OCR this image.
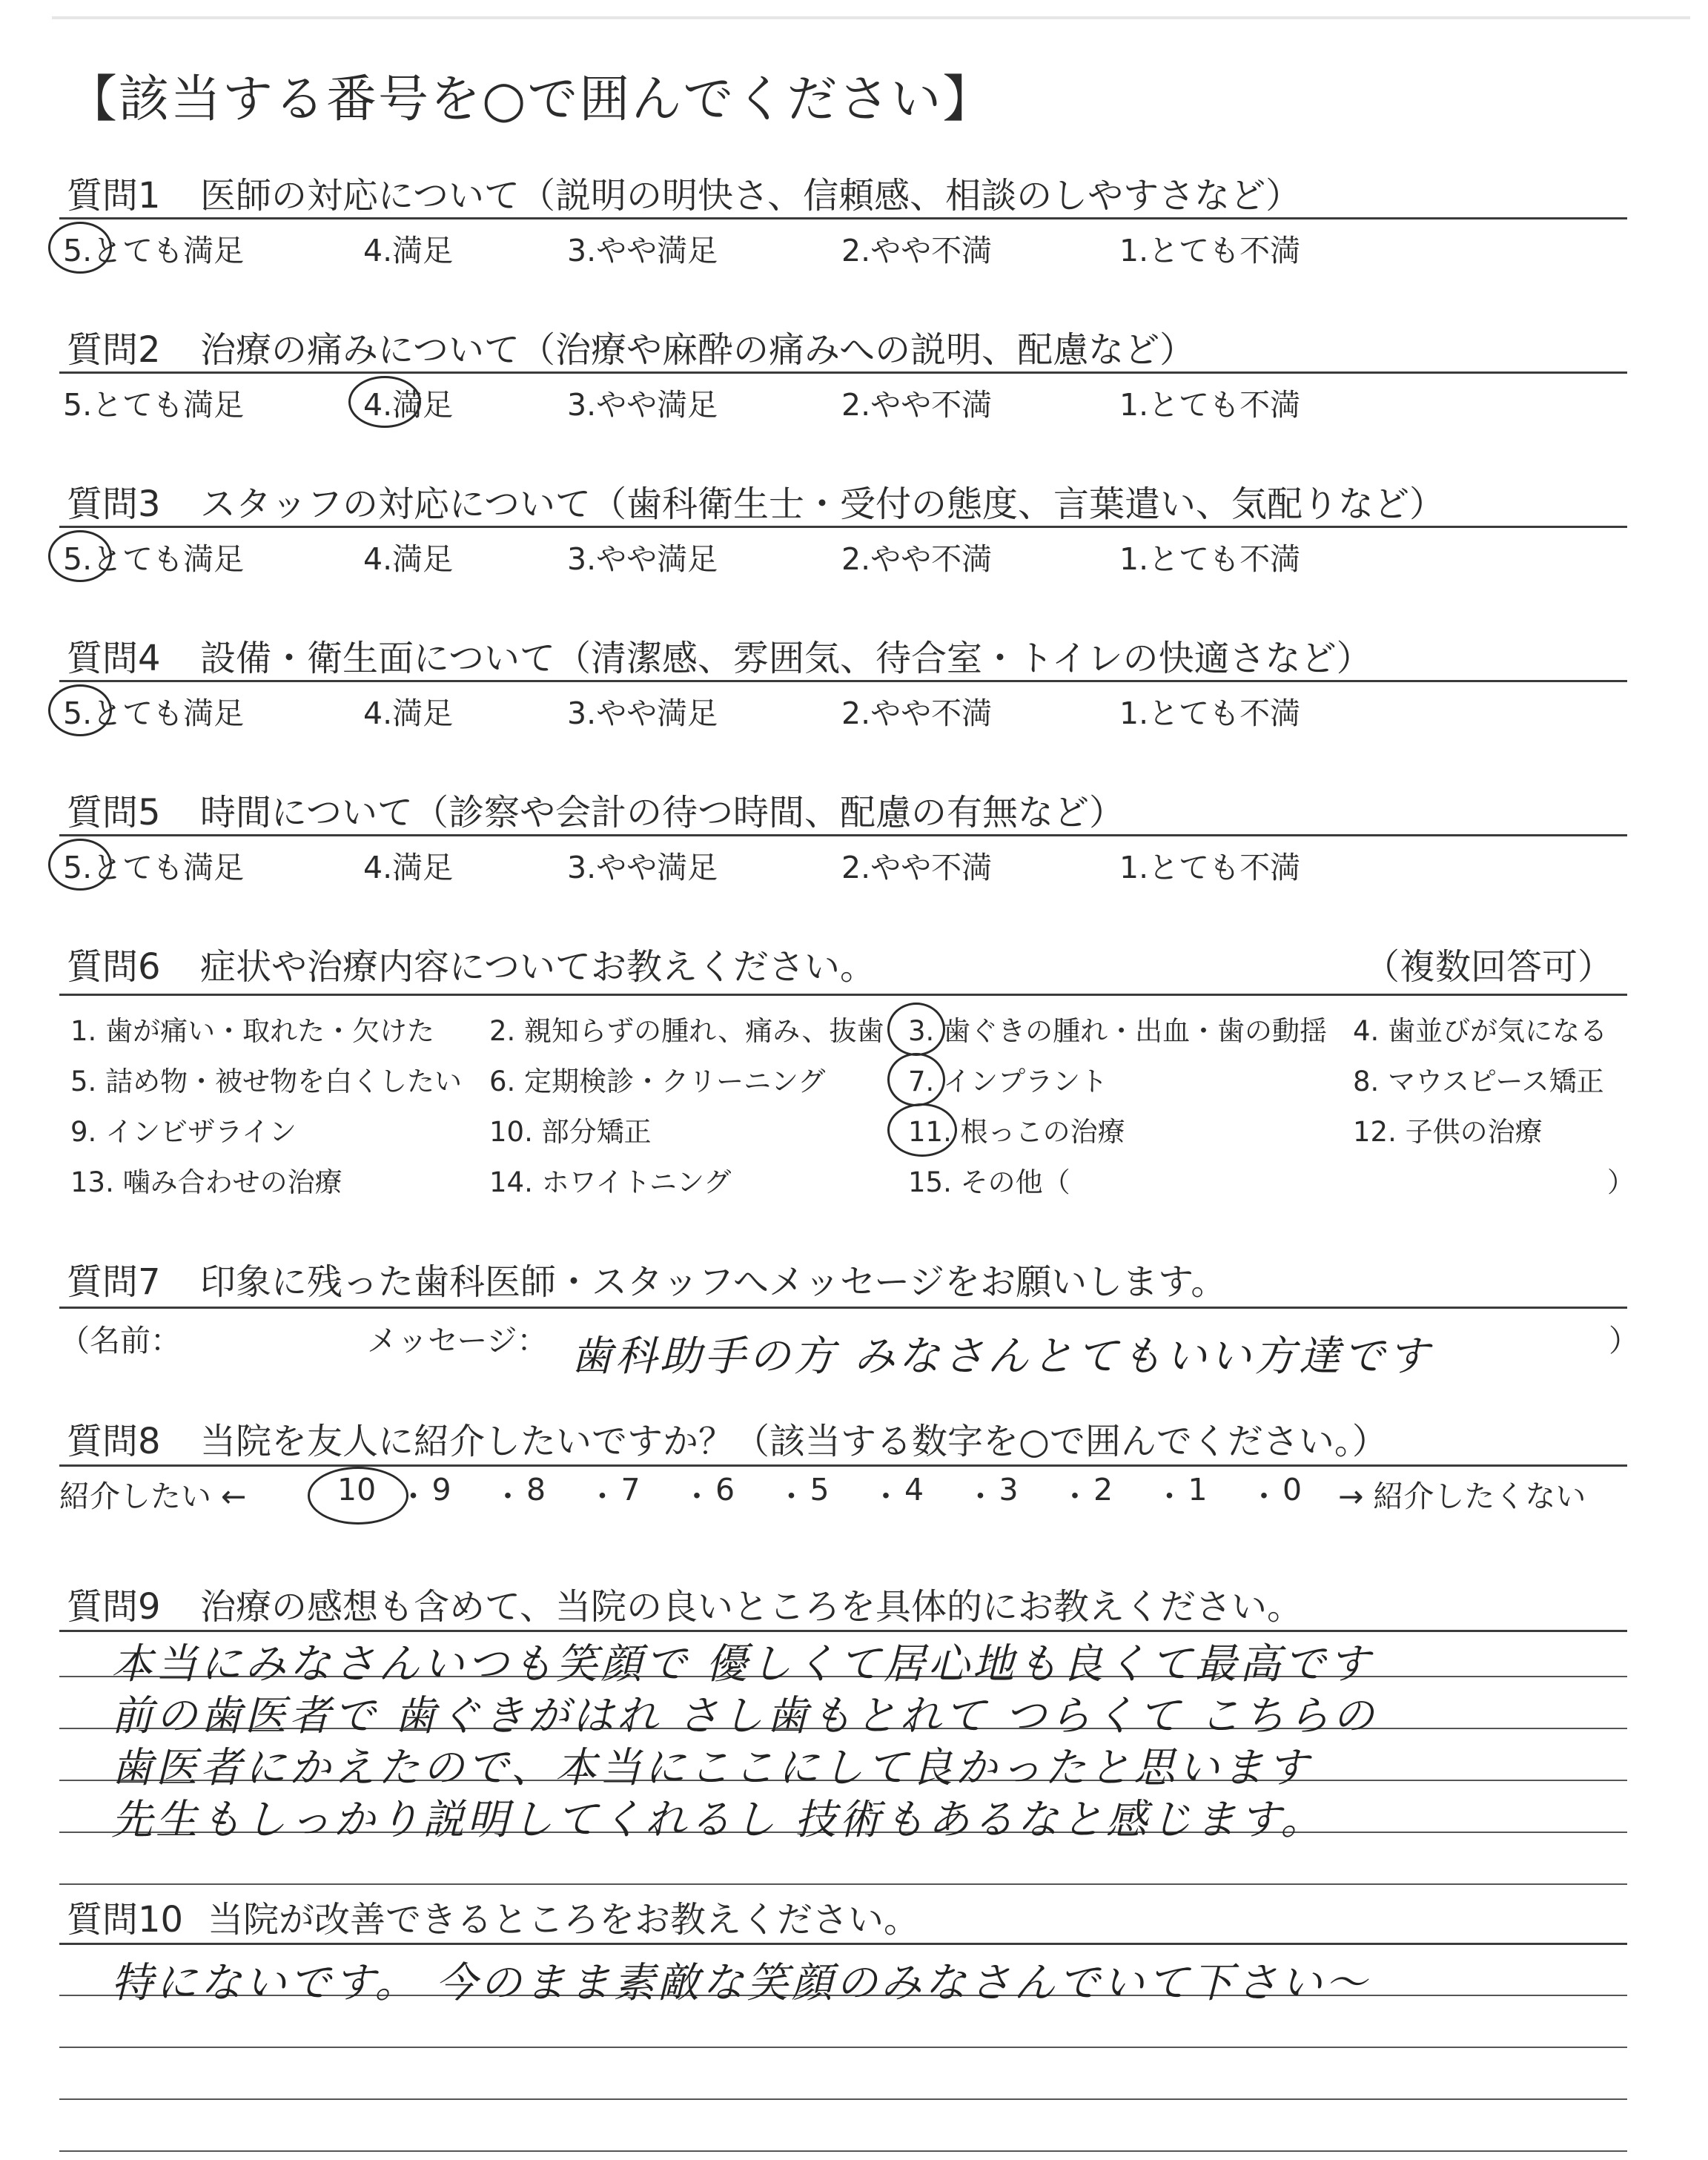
【該当する番号を○で囲んでください】
質問6 症状や治療内容についてお教えください。	（複数回答可）
質問7 印象に残った歯科医師・スタッフへメッセージをお願いします。
（名前：	メッセージ：	）
歯科助手の方 みなさんとてもいい方達です
質問8 当院を友人に紹介したいですか？（該当する数字を○で囲んでください。）
紹介したい ←	→ 紹介したくない
質問9 治療の感想も含めて、当院の良いところを具体的にお教えください。
質問10 当院が改善できるところをお教えください。
質問1 医師の対応について（説明の明快さ、信頼感、相談のしやすさなど）
5.とても満足	4.満足	3.やや満足	2.やや不満	1.とても不満
質問2 治療の痛みについて（治療や麻酔の痛みへの説明、配慮など）
5.とても満足	4.満足	3.やや満足	2.やや不満	1.とても不満
質問3 スタッフの対応について（歯科衛生士・受付の態度、言葉遣い、気配りなど）
5.とても満足	4.満足	3.やや満足	2.やや不満	1.とても不満
質問4 設備・衛生面について（清潔感、雰囲気、待合室・トイレの快適さなど）
5.とても満足	4.満足	3.やや満足	2.やや不満	1.とても不満
質問5 時間について（診察や会計の待つ時間、配慮の有無など）
5.とても満足	4.満足	3.やや満足	2.やや不満	1.とても不満
1. 歯が痛い・取れた・欠けた 2. 親知らずの腫れ、痛み、抜歯 3. 歯ぐきの腫れ・出血・歯の動揺 4. 歯並びが気になる
5. 詰め物・被せ物を白くしたい 6. 定期検診・クリーニング	7. インプラント	8. マウスピース矯正
9. インビザライン	10. 部分矯正	11. 根っこの治療	12. 子供の治療
13. 噛み合わせの治療	14. ホワイトニング	15. その他（	）
10 ・ 9 ・ 8 ・ 7 ・ 6 ・ 5 ・ 4 ・ 3 ・ 2 ・ 1 ・ 0
本当にみなさんいつも笑顔で 優しくて居心地も良くて最高です
前の歯医者で 歯ぐきがはれ さし歯もとれて つらくて こちらの
歯医者にかえたので、本当にここにして良かったと思います
先生もしっかり説明してくれるし 技術もあるなと感じます。
特にないです。 今のまま素敵な笑顔のみなさんでいて下さい〜
